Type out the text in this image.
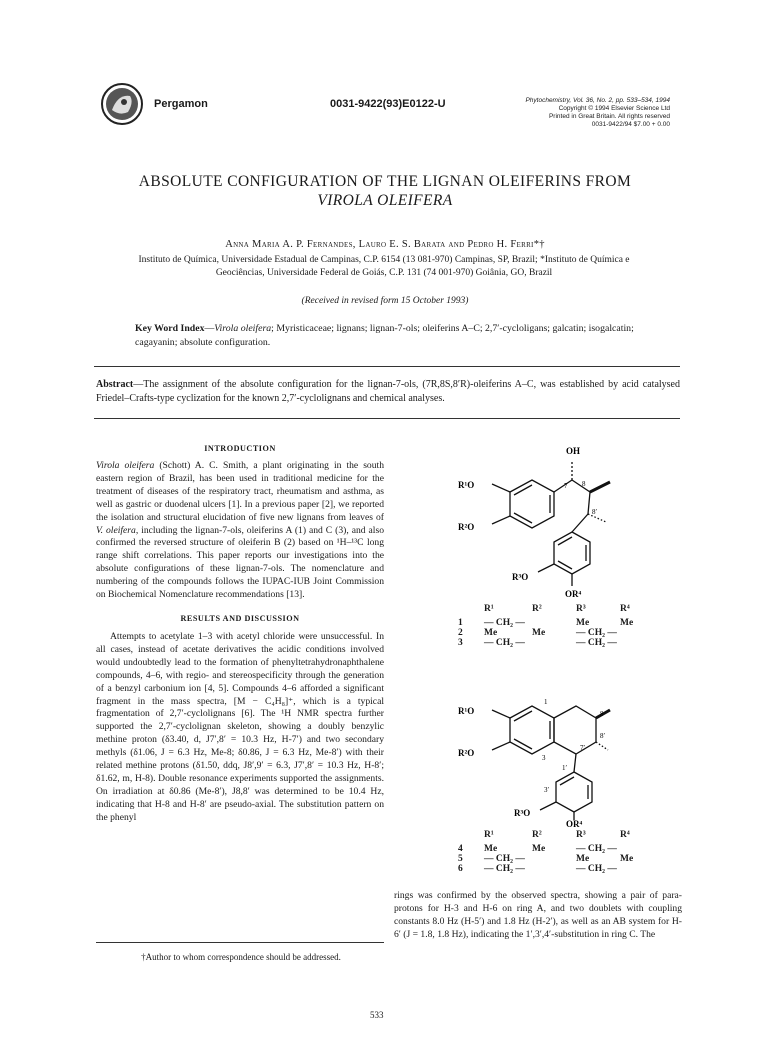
Pergamon	0031-9422(93)E0122-U	Phytochemistry, Vol. 36, No. 2, pp. 533–534, 1994
Copyright © 1994 Elsevier Science Ltd
Printed in Great Britain. All rights reserved
0031-9422/94 $7.00 + 0.00
ABSOLUTE CONFIGURATION OF THE LIGNAN OLEIFERINS FROM
VIROLA OLEIFERA
Anna Maria A. P. Fernandes, Lauro E. S. Barata and Pedro H. Ferri*†
Instituto de Química, Universidade Estadual de Campinas, C.P. 6154 (13 081-970) Campinas, SP, Brazil; *Instituto de Química e
Geociências, Universidade Federal de Goiás, C.P. 131 (74 001-970) Goiânia, GO, Brazil
(Received in revised form 15 October 1993)
Key Word Index—Virola oleifera; Myristicaceae; lignans; lignan-7-ols; oleiferins A–C; 2,7′-cycloligans; galcatin; isogalcatin; cagayanin; absolute configuration.
Abstract—The assignment of the absolute configuration for the lignan-7-ols, (7R,8S,8′R)-oleiferins A–C, was established by acid catalysed Friedel–Crafts-type cyclization for the known 2,7′-cyclolignans and chemical analyses.
INTRODUCTION
Virola oleifera (Schott) A. C. Smith, a plant originating in the south eastern region of Brazil, has been used in traditional medicine for the treatment of diseases of the respiratory tract, rheumatism and asthma, as well as gastric or duodenal ulcers [1]. In a previous paper [2], we reported the isolation and structural elucidation of five new lignans from leaves of V. oleifera, including the lignan-7-ols, oleiferins A (1) and C (3), and also confirmed the reversed structure of oleiferin B (2) based on ¹H–¹³C long range shift correlations. This paper reports our investigations into the absolute configurations of these lignan-7-ols. The nomenclature and numbering of the compounds follows the IUPAC-IUB Joint Commission on Biochemical Nomenclature recommendations [13].
RESULTS AND DISCUSSION
Attempts to acetylate 1–3 with acetyl chloride were unsuccessful. In all cases, instead of acetate derivatives the acidic conditions involved would undoubtedly lead to the formation of phenyltetrahydronaphthalene compounds, 4–6, with regio- and stereospecificity through the generation of a benzyl carbonium ion [4, 5]. Compounds 4–6 afforded a significant fragment in the mass spectra, [M − C₄H₈]⁺, which is a typical fragmentation of 2,7′-cyclolignans [6]. The ¹H NMR spectra further supported the 2,7′-cyclolignan skeleton, showing a doubly benzylic methine proton (δ3.40, d, J7′,8′ = 10.3 Hz, H-7′) and two secondary methyls (δ1.06, J = 6.3 Hz, Me-8; δ0.86, J = 6.3 Hz, Me-8′) with their related methine protons (δ1.50, ddq, J8′,9′ = 6.3, J7′,8′ = 10.3 Hz, H-8′; δ1.62, m, H-8). Double resonance experiments supported the assignments. On irradiation at δ0.86 (Me-8′), J8,8′ was determined to be 10.4 Hz, indicating that H-8 and H-8′ are pseudo-axial. The substitution pattern on the phenyl
OH
R¹O
R²O
R³O
OR⁴
7 8
8′
R¹	R²	R³	R⁴
1	— CH₂ —	Me	Me
2	Me	Me	— CH₂ —
3	— CH₂ —	— CH₂ —
R¹O
R²O
R³O
OR⁴
1
3
8
8′
7′
1′
3′
R¹	R²	R³	R⁴
4	Me	Me	— CH₂ —
5	— CH₂ —	Me	Me
6	— CH₂ —	— CH₂ —
rings was confirmed by the observed spectra, showing a pair of para-protons for H-3 and H-6 on ring A, and two doublets with coupling constants 8.0 Hz (H-5′) and 1.8 Hz (H-2′), as well as an AB system for H-6′ (J = 1.8, 1.8 Hz), indicating the 1′,3′,4′-substitution in ring C. The
†Author to whom correspondence should be addressed.
533
